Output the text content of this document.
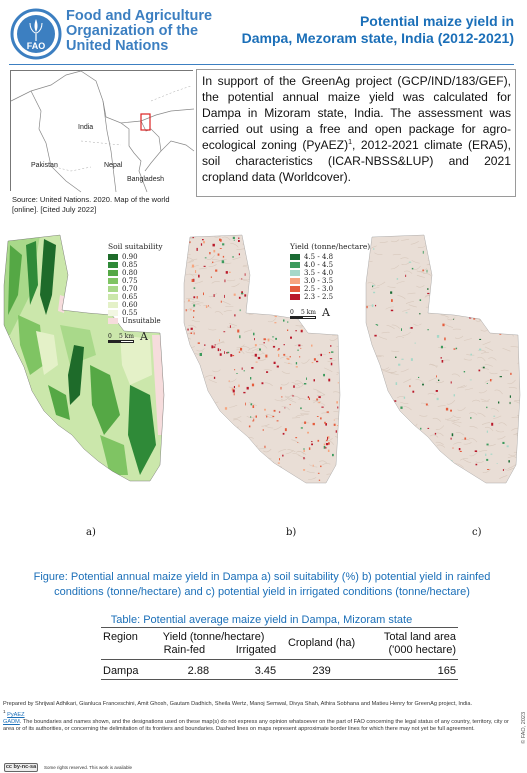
FAO
Food and Agriculture
Organization of the
United Nations
Potential maize yield in
Dampa, Mezoram state, India (2012-2021)
India
Pakistan	Nepal
Bangladesh
Source: United Nations. 2020. Map of the world [online]. [Cited July 2022]
In support of the GreenAg project (GCP/IND/183/GEF), the potential annual maize yield was calculated for Dampa in Mizoram state, India. The assessment was carried out using a free and open package for agro-ecological zoning (PyAEZ)$^1$, 2012-2021 climate (ERA5), soil characteristics (ICAR-NBSS&LUP) and 2021 cropland data (Worldcover).
Soil suitability
0.90
0.85
0.80
0.75
0.70
0.65
0.60
0.55
Unsuitable
0 5 km A
a)
Yield (tonne/hectare)
4.5 - 4.8
4.0 - 4.5
3.5 - 4.0
3.0 - 3.5
2.5 - 3.0
2.3 - 2.5
0 5 km A
b)	c)
Figure: Potential annual maize yield in Dampa a) soil suitability (%) b) potential yield in rainfed conditions (tonne/hectare) and c) potential yield in irrigated conditions (tonne/hectare)
Table: Potential average maize yield in Dampa, Mizoram state
Region	Yield (tonne/hectare)		Cropland (ha)	Total land area
	Rain-fed	Irrigated		('000 hectare)
Dampa	2.88	3.45	239	165
Prepared by Shrijwal Adhikari, Gianluca Franceschini, Amit Ghosh, Gautam Dadhich, Sheila Wertz, Manoj Semwal, Divya Shah, Athira Sobhana and Matieu Henry for GreenAg project, India.
$^1$ PyAEZ
GADM. The boundaries and names shown, and the designations used on these map(s) do not express any opinion whatsoever on the part of FAO concerning the legal status of any country, territory, city or area or of its authorities, or concerning the delimitation of its frontiers and boundaries. Dashed lines on maps represent approximate border lines for which there may not yet be full agreement.
cc by-nc-sa	Some rights reserved. This work is available
© FAO, 2023
